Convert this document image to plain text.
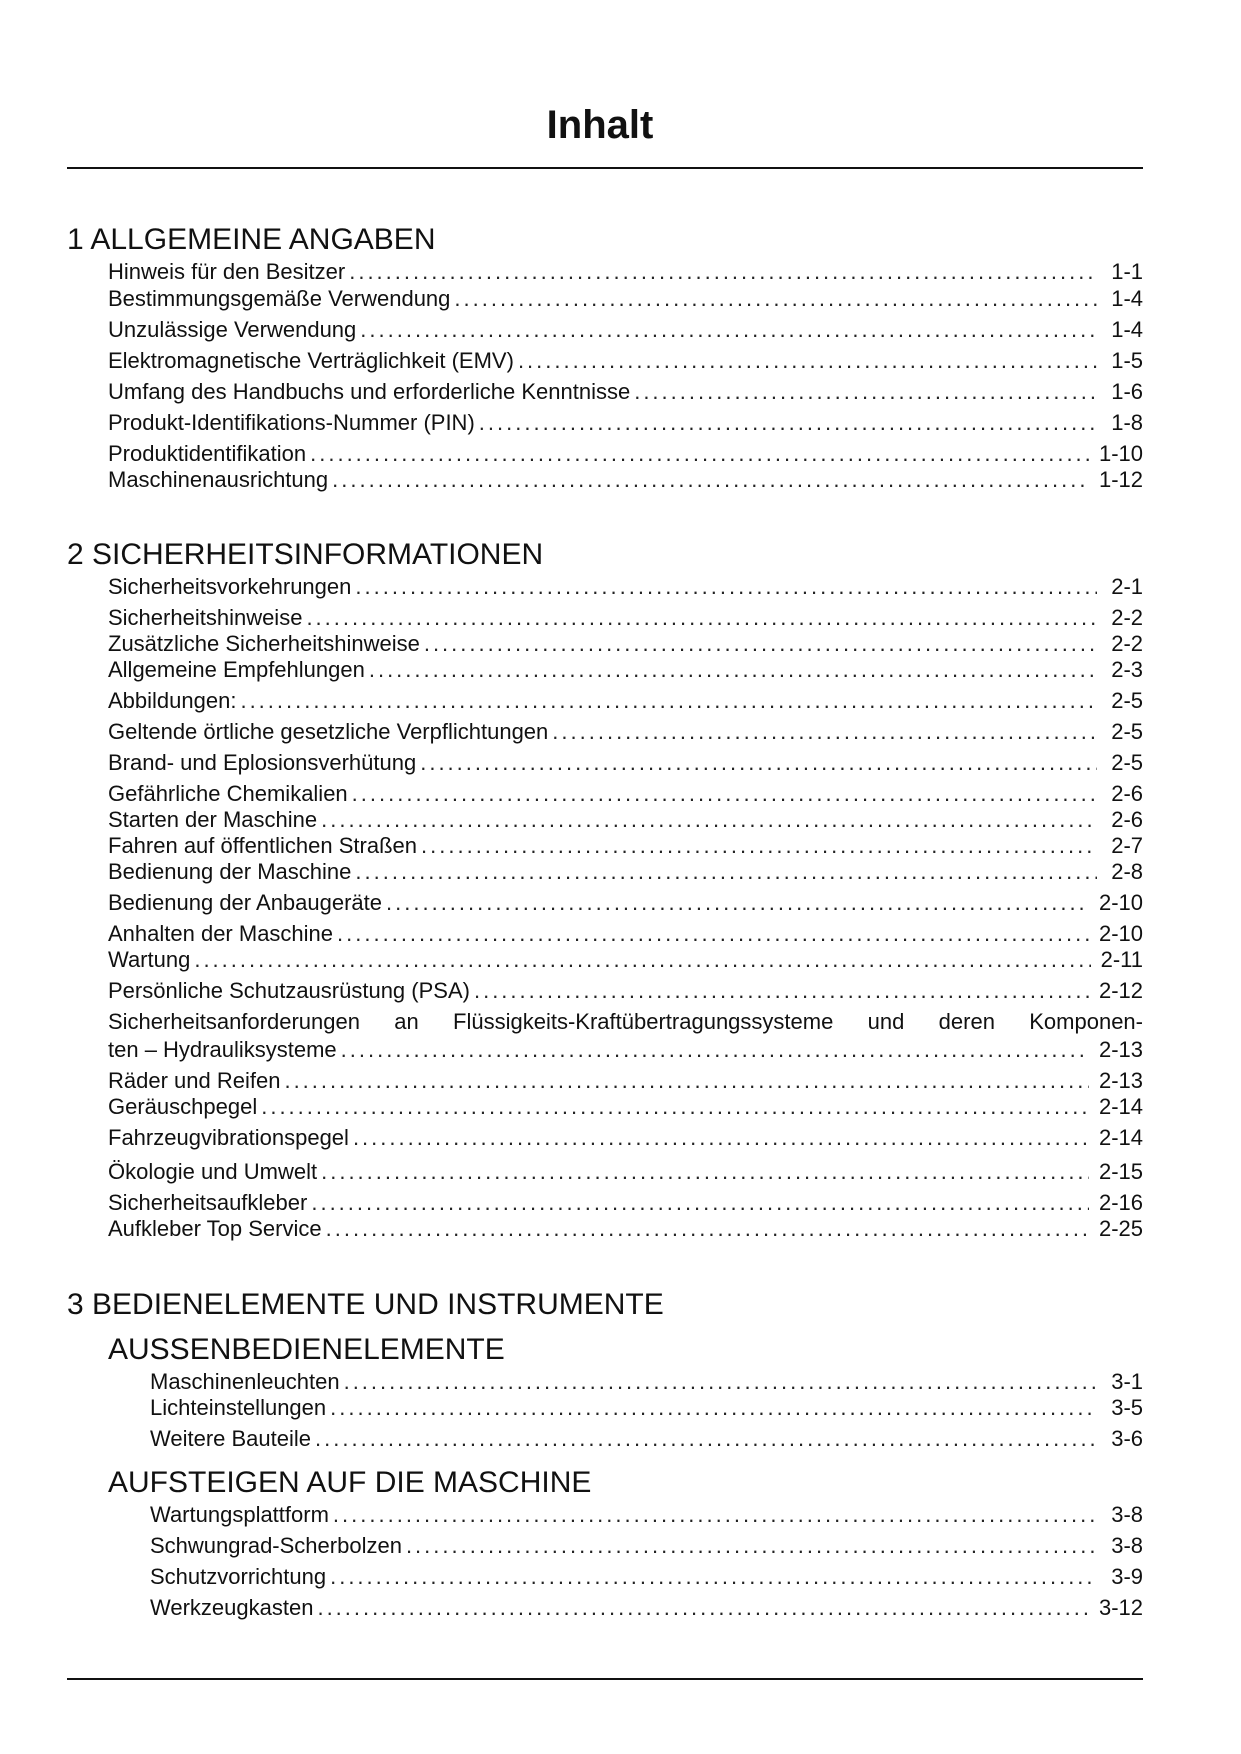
Inhalt
1 ALLGEMEINE ANGABEN
Hinweis für den Besitzer .....	1-1
Bestimmungsgemäße Verwendung .....	1-4
Unzulässige Verwendung .....	1-4
Elektromagnetische Verträglichkeit (EMV) .....	1-5
Umfang des Handbuchs und erforderliche Kenntnisse .....	1-6
Produkt-Identifikations-Nummer (PIN) .....	1-8
Produktidentifikation .....	1-10
Maschinenausrichtung .....	1-12
2 SICHERHEITSINFORMATIONEN
Sicherheitsvorkehrungen .....	2-1
Sicherheitshinweise .....	2-2
Zusätzliche Sicherheitshinweise .....	2-2
Allgemeine Empfehlungen .....	2-3
Abbildungen: .....	2-5
Geltende örtliche gesetzliche Verpflichtungen .....	2-5
Brand- und Eplosionsverhütung .....	2-5
Gefährliche Chemikalien .....	2-6
Starten der Maschine .....	2-6
Fahren auf öffentlichen Straßen .....	2-7
Bedienung der Maschine .....	2-8
Bedienung der Anbaugeräte .....	2-10
Anhalten der Maschine .....	2-10
Wartung .....	2-11
Persönliche Schutzausrüstung (PSA) .....	2-12
Sicherheitsanforderungen an Flüssigkeits-Kraftübertragungssysteme und deren Komponen-
ten – Hydrauliksysteme .....	2-13
Räder und Reifen .....	2-13
Geräuschpegel .....	2-14
Fahrzeugvibrationspegel .....	2-14
Ökologie und Umwelt .....	2-15
Sicherheitsaufkleber .....	2-16
Aufkleber Top Service .....	2-25
3 BEDIENELEMENTE UND INSTRUMENTE
AUSSENBEDIENELEMENTE
Maschinenleuchten .....	3-1
Lichteinstellungen .....	3-5
Weitere Bauteile .....	3-6
AUFSTEIGEN AUF DIE MASCHINE
Wartungsplattform .....	3-8
Schwungrad-Scherbolzen .....	3-8
Schutzvorrichtung .....	3-9
Werkzeugkasten .....	3-12
